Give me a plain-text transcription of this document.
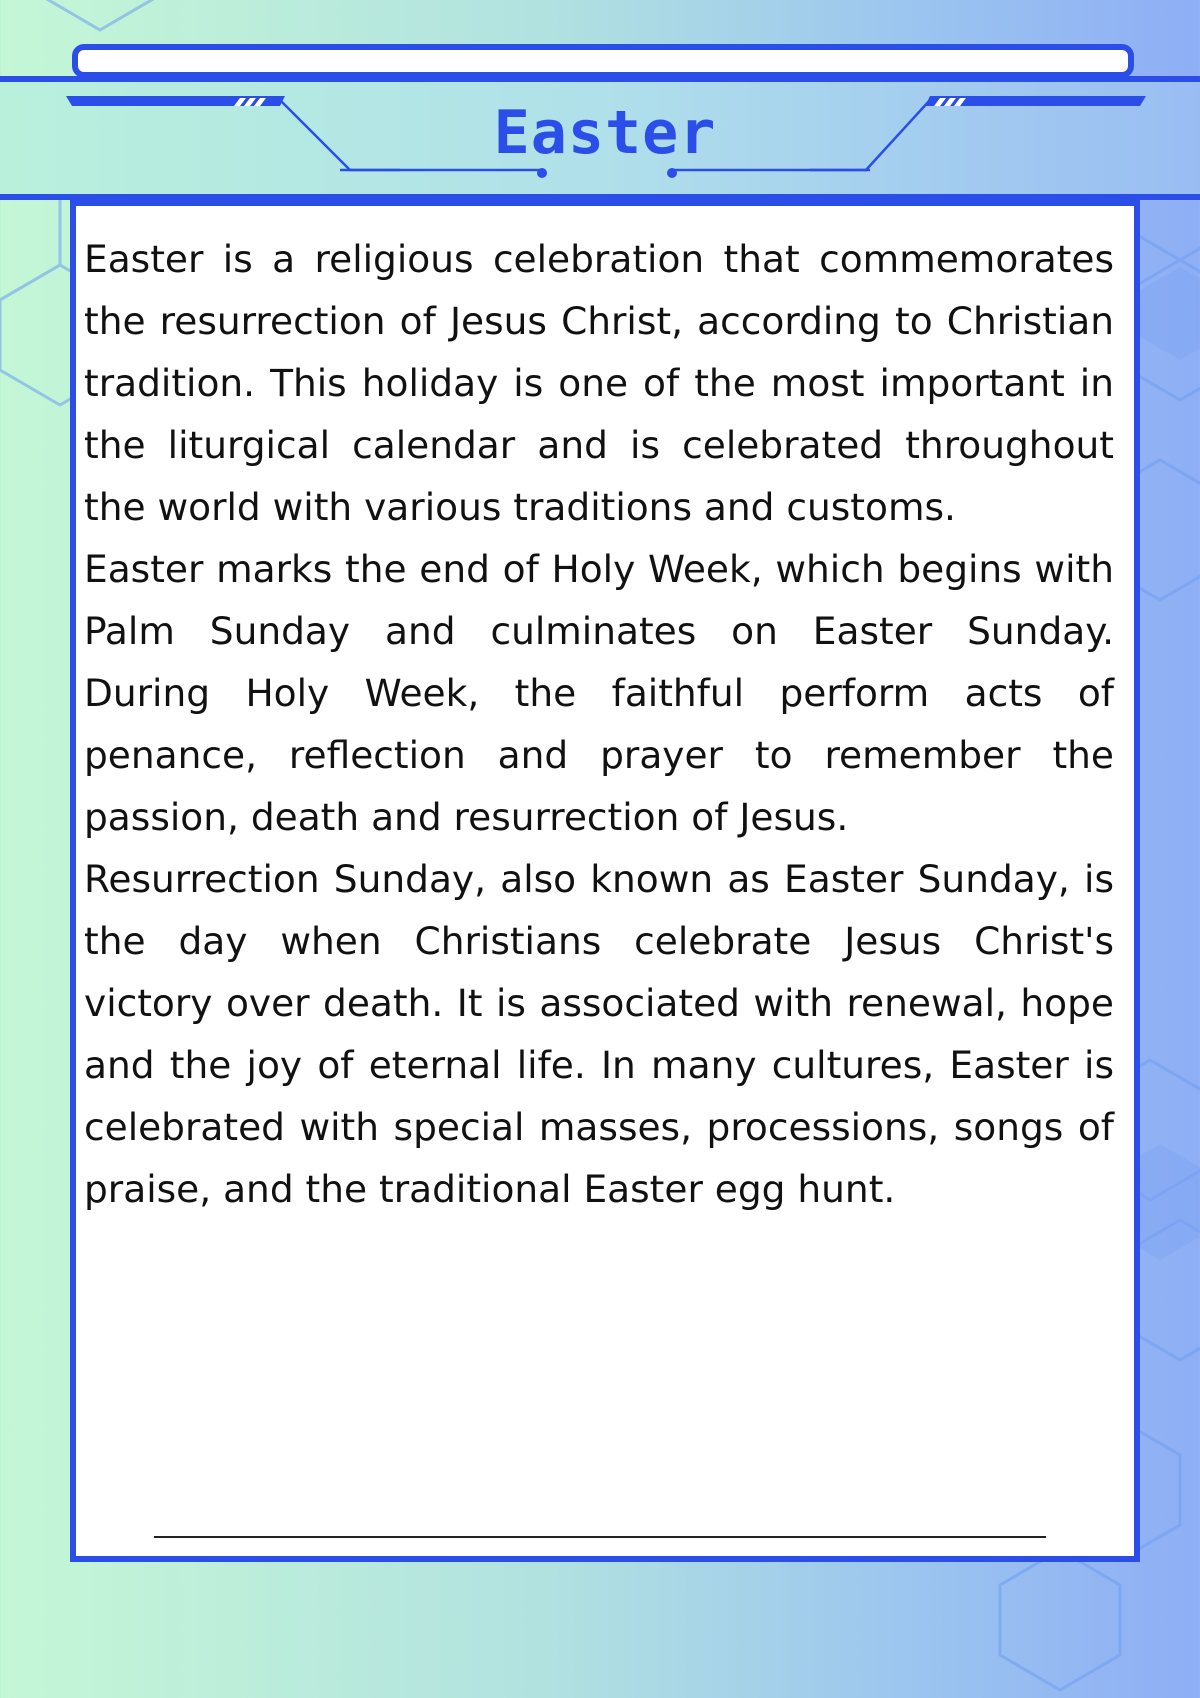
Easter

Easter is a religious celebration that commemorates the resurrection of Jesus Christ, according to Christian tradition. This holiday is one of the most important in the liturgical calendar and is celebrated throughout the world with various traditions and customs.

Easter marks the end of Holy Week, which begins with Palm Sunday and culminates on Easter Sunday. During Holy Week, the faithful perform acts of penance, reflection and prayer to remember the passion, death and resurrection of Jesus.

Resurrection Sunday, also known as Easter Sunday, is the day when Christians celebrate Jesus Christ's victory over death. It is associated with renewal, hope and the joy of eternal life. In many cultures, Easter is celebrated with special masses, processions, songs of praise, and the traditional Easter egg hunt.
